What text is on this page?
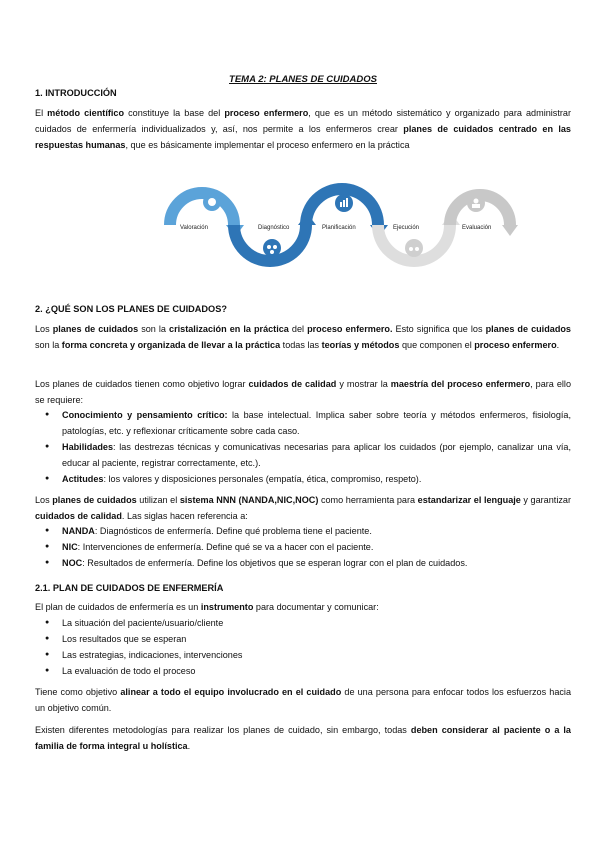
TEMA 2: PLANES DE CUIDADOS
1. INTRODUCCIÓN

El método científico constituye la base del proceso enfermero, que es un método sistemático y organizado para administrar cuidados de enfermería individualizados y, así, nos permite a los enfermeros crear planes de cuidados centrado en las respuestas humanas, que es básicamente implementar el proceso enfermero en la práctica

Valoración	Diagnóstico	Planificación	Ejecución	Evaluación
2. ¿QUÉ SON LOS PLANES DE CUIDADOS?

Los planes de cuidados son la cristalización en la práctica del proceso enfermero. Esto significa que los planes de cuidados son la forma concreta y organizada de llevar a la práctica todas las teorías y métodos que componen el proceso enfermero.

Los planes de cuidados tienen como objetivo lograr cuidados de calidad y mostrar la maestría del proceso enfermero, para ello se requiere:

● Conocimiento y pensamiento crítico: la base intelectual. Implica saber sobre teoría y métodos enfermeros, fisiología, patologías, etc. y reflexionar críticamente sobre cada caso.
● Habilidades: las destrezas técnicas y comunicativas necesarias para aplicar los cuidados (por ejemplo, canalizar una vía, educar al paciente, registrar correctamente, etc.).
● Actitudes: los valores y disposiciones personales (empatía, ética, compromiso, respeto).

Los planes de cuidados utilizan el sistema NNN (NANDA,NIC,NOC) como herramienta para estandarizar el lenguaje y garantizar cuidados de calidad. Las siglas hacen referencia a:

● NANDA: Diagnósticos de enfermería. Define qué problema tiene el paciente.
● NIC: Intervenciones de enfermería. Define qué se va a hacer con el paciente.
● NOC: Resultados de enfermería. Define los objetivos que se esperan lograr con el plan de cuidados.
2.1. PLAN DE CUIDADOS DE ENFERMERÍA

El plan de cuidados de enfermería es un instrumento para documentar y comunicar:

● La situación del paciente/usuario/cliente
● Los resultados que se esperan
● Las estrategias, indicaciones, intervenciones
● La evaluación de todo el proceso

Tiene como objetivo alinear a todo el equipo involucrado en el cuidado de una persona para enfocar todos los esfuerzos hacia un objetivo común.

Existen diferentes metodologías para realizar los planes de cuidado, sin embargo, todas deben considerar al paciente o a la familia de forma integral u holística.
